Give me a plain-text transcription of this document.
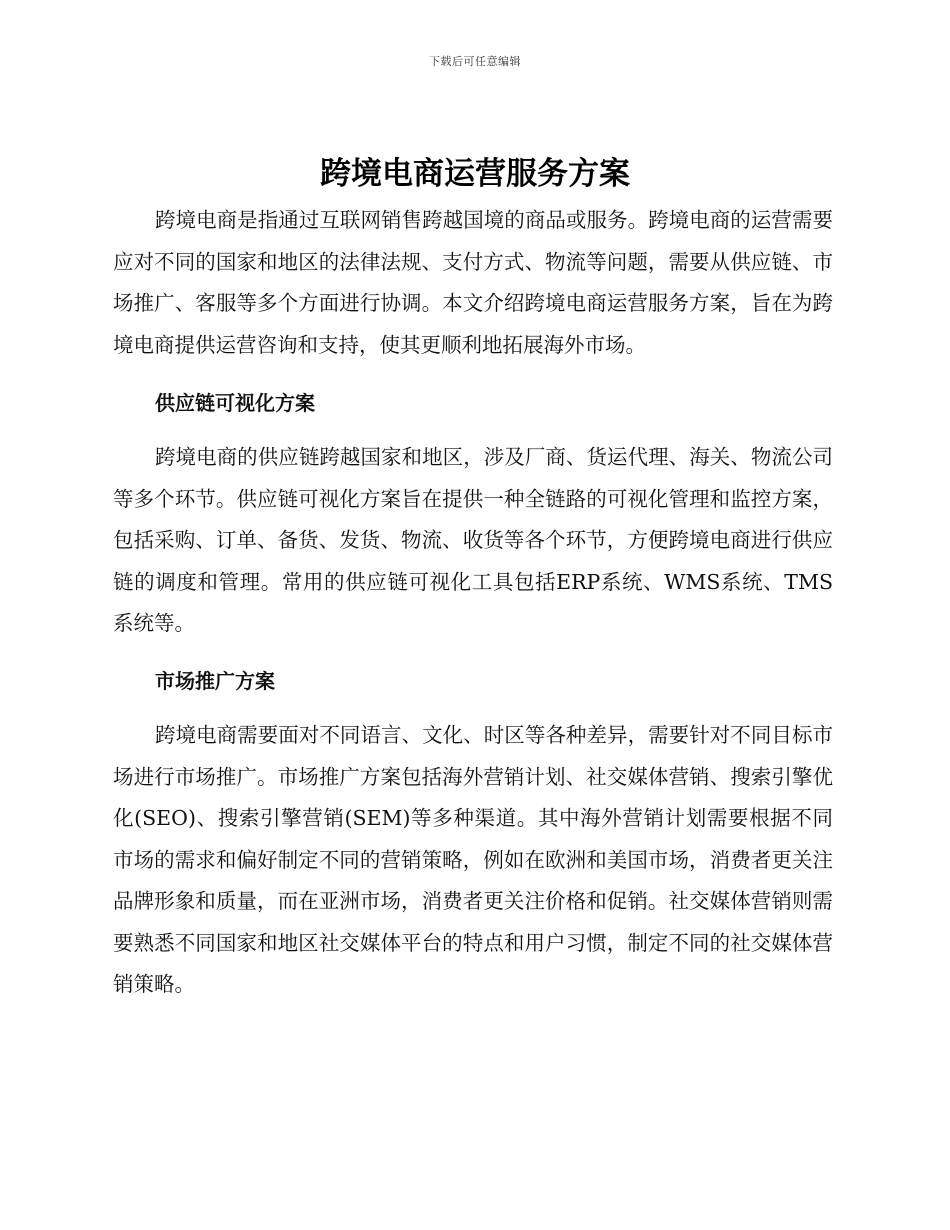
下载后可任意编辑
跨境电商运营服务方案

跨境电商是指通过互联网销售跨越国境的商品或服务。跨境电商的运营需要应对不同的国家和地区的法律法规、支付方式、物流等问题，需要从供应链、市场推广、客服等多个方面进行协调。本文介绍跨境电商运营服务方案，旨在为跨境电商提供运营咨询和支持，使其更顺利地拓展海外市场。

供应链可视化方案

跨境电商的供应链跨越国家和地区，涉及厂商、货运代理、海关、物流公司等多个环节。供应链可视化方案旨在提供一种全链路的可视化管理和监控方案，包括采购、订单、备货、发货、物流、收货等各个环节，方便跨境电商进行供应链的调度和管理。常用的供应链可视化工具包括ERP系统、WMS系统、TMS系统等。

市场推广方案

跨境电商需要面对不同语言、文化、时区等各种差异，需要针对不同目标市场进行市场推广。市场推广方案包括海外营销计划、社交媒体营销、搜索引擎优化(SEO)、搜索引擎营销(SEM)等多种渠道。其中海外营销计划需要根据不同市场的需求和偏好制定不同的营销策略，例如在欧洲和美国市场，消费者更关注品牌形象和质量，而在亚洲市场，消费者更关注价格和促销。社交媒体营销则需要熟悉不同国家和地区社交媒体平台的特点和用户习惯，制定不同的社交媒体营销策略。
